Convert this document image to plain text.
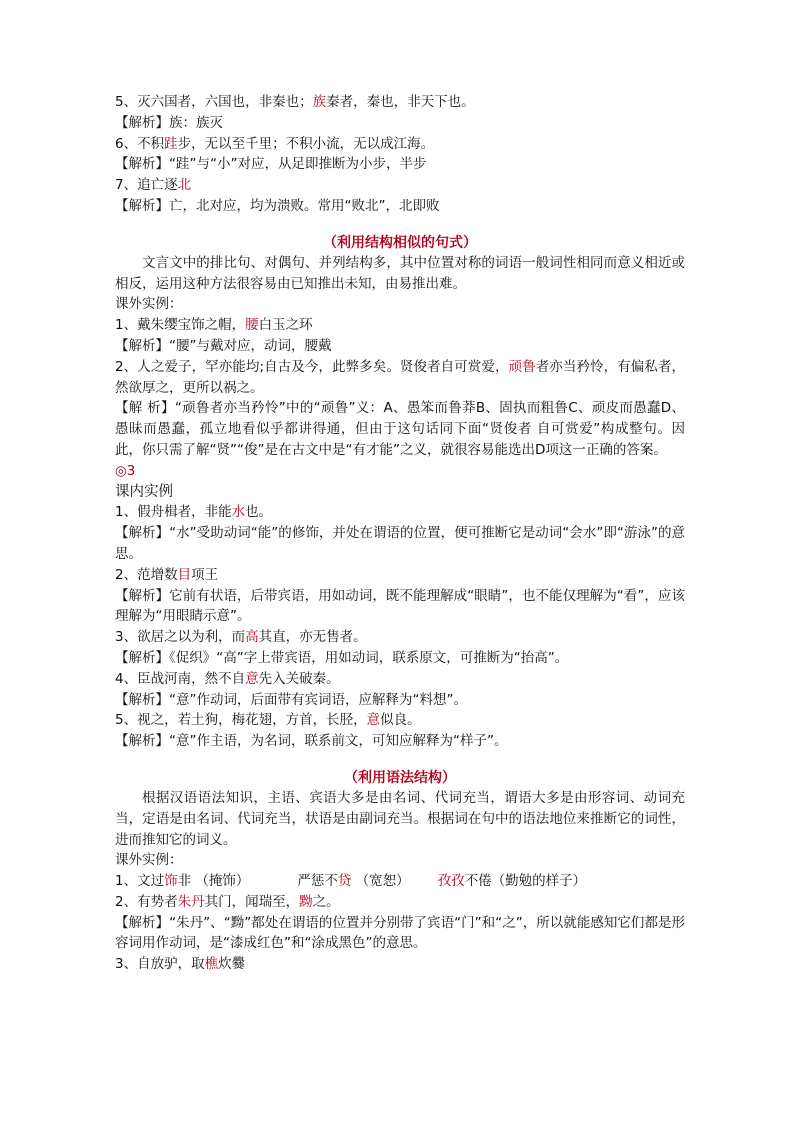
5、灭六国者，六国也，非秦也；族秦者，秦也，非天下也。

【解析】族：族灭

6、不积跬步，无以至千里；不积小流，无以成江海。

【解析】“跬”与“小”对应，从足即推断为小步，半步

7、追亡逐北

【解析】亡，北对应，均为溃败。常用“败北”，北即败

（利用结构相似的句式）

文言文中的排比句、对偶句、并列结构多，其中位置对称的词语一般词性相同而意义相近或相反，运用这种方法很容易由已知推出未知，由易推出难。

课外实例：

1、戴朱缨宝饰之帽，腰白玉之环

【解析】“腰”与戴对应，动词，腰戴

2、人之爱子，罕亦能均;自古及今，此弊多矣。贤俊者自可赏爱，顽鲁者亦当矜怜，有偏私者，然欲厚之，更所以祸之。

【解 析】“顽鲁者亦当矜怜”中的“顽鲁”义：A、愚笨而鲁莽B、固执而粗鲁C、顽皮而愚蠢D、愚昧而愚蠢，孤立地看似乎都讲得通，但由于这句话同下面“贤俊者 自可赏爱”构成整句。因此，你只需了解“贤”“俊”是在古文中是“有才能”之义，就很容易能选出D项这一正确的答案。

◎3

课内实例

1、假舟楫者，非能水也。

【解析】“水”受助动词“能”的修饰，并处在谓语的位置，便可推断它是动词“会水”即“游泳”的意思。

2、范增数目项王

【解析】它前有状语，后带宾语，用如动词，既不能理解成“眼睛”，也不能仅理解为“看”，应该理解为“用眼睛示意”。

3、欲居之以为利，而高其直，亦无售者。

【解析】《促织》“高”字上带宾语，用如动词，联系原文，可推断为“抬高”。

4、臣战河南，然不自意先入关破秦。

【解析】“意”作动词，后面带有宾词语，应解释为“料想”。

5、视之，若土狗，梅花翅，方首，长胫，意似良。

【解析】“意”作主语，为名词，联系前文，可知应解释为“样子”。

（利用语法结构）

根据汉语语法知识，主语、宾语大多是由名词、代词充当，谓语大多是由形容词、动词充当，定语是由名词、代词充当，状语是由副词充当。根据词在句中的语法地位来推断它的词性，进而推知它的词义。

课外实例：

1、文过饰非 （掩饰）	严惩不贷 （宽恕） 孜孜不倦（勤勉的样子）

2、有势者朱丹其门，闻瑞至，黝之。

【解析】“朱丹”、“黝”都处在谓语的位置并分别带了宾语“门”和“之”，所以就能感知它们都是形容词用作动词，是“漆成红色”和“涂成黑色”的意思。

3、自放驴，取樵炊爨
